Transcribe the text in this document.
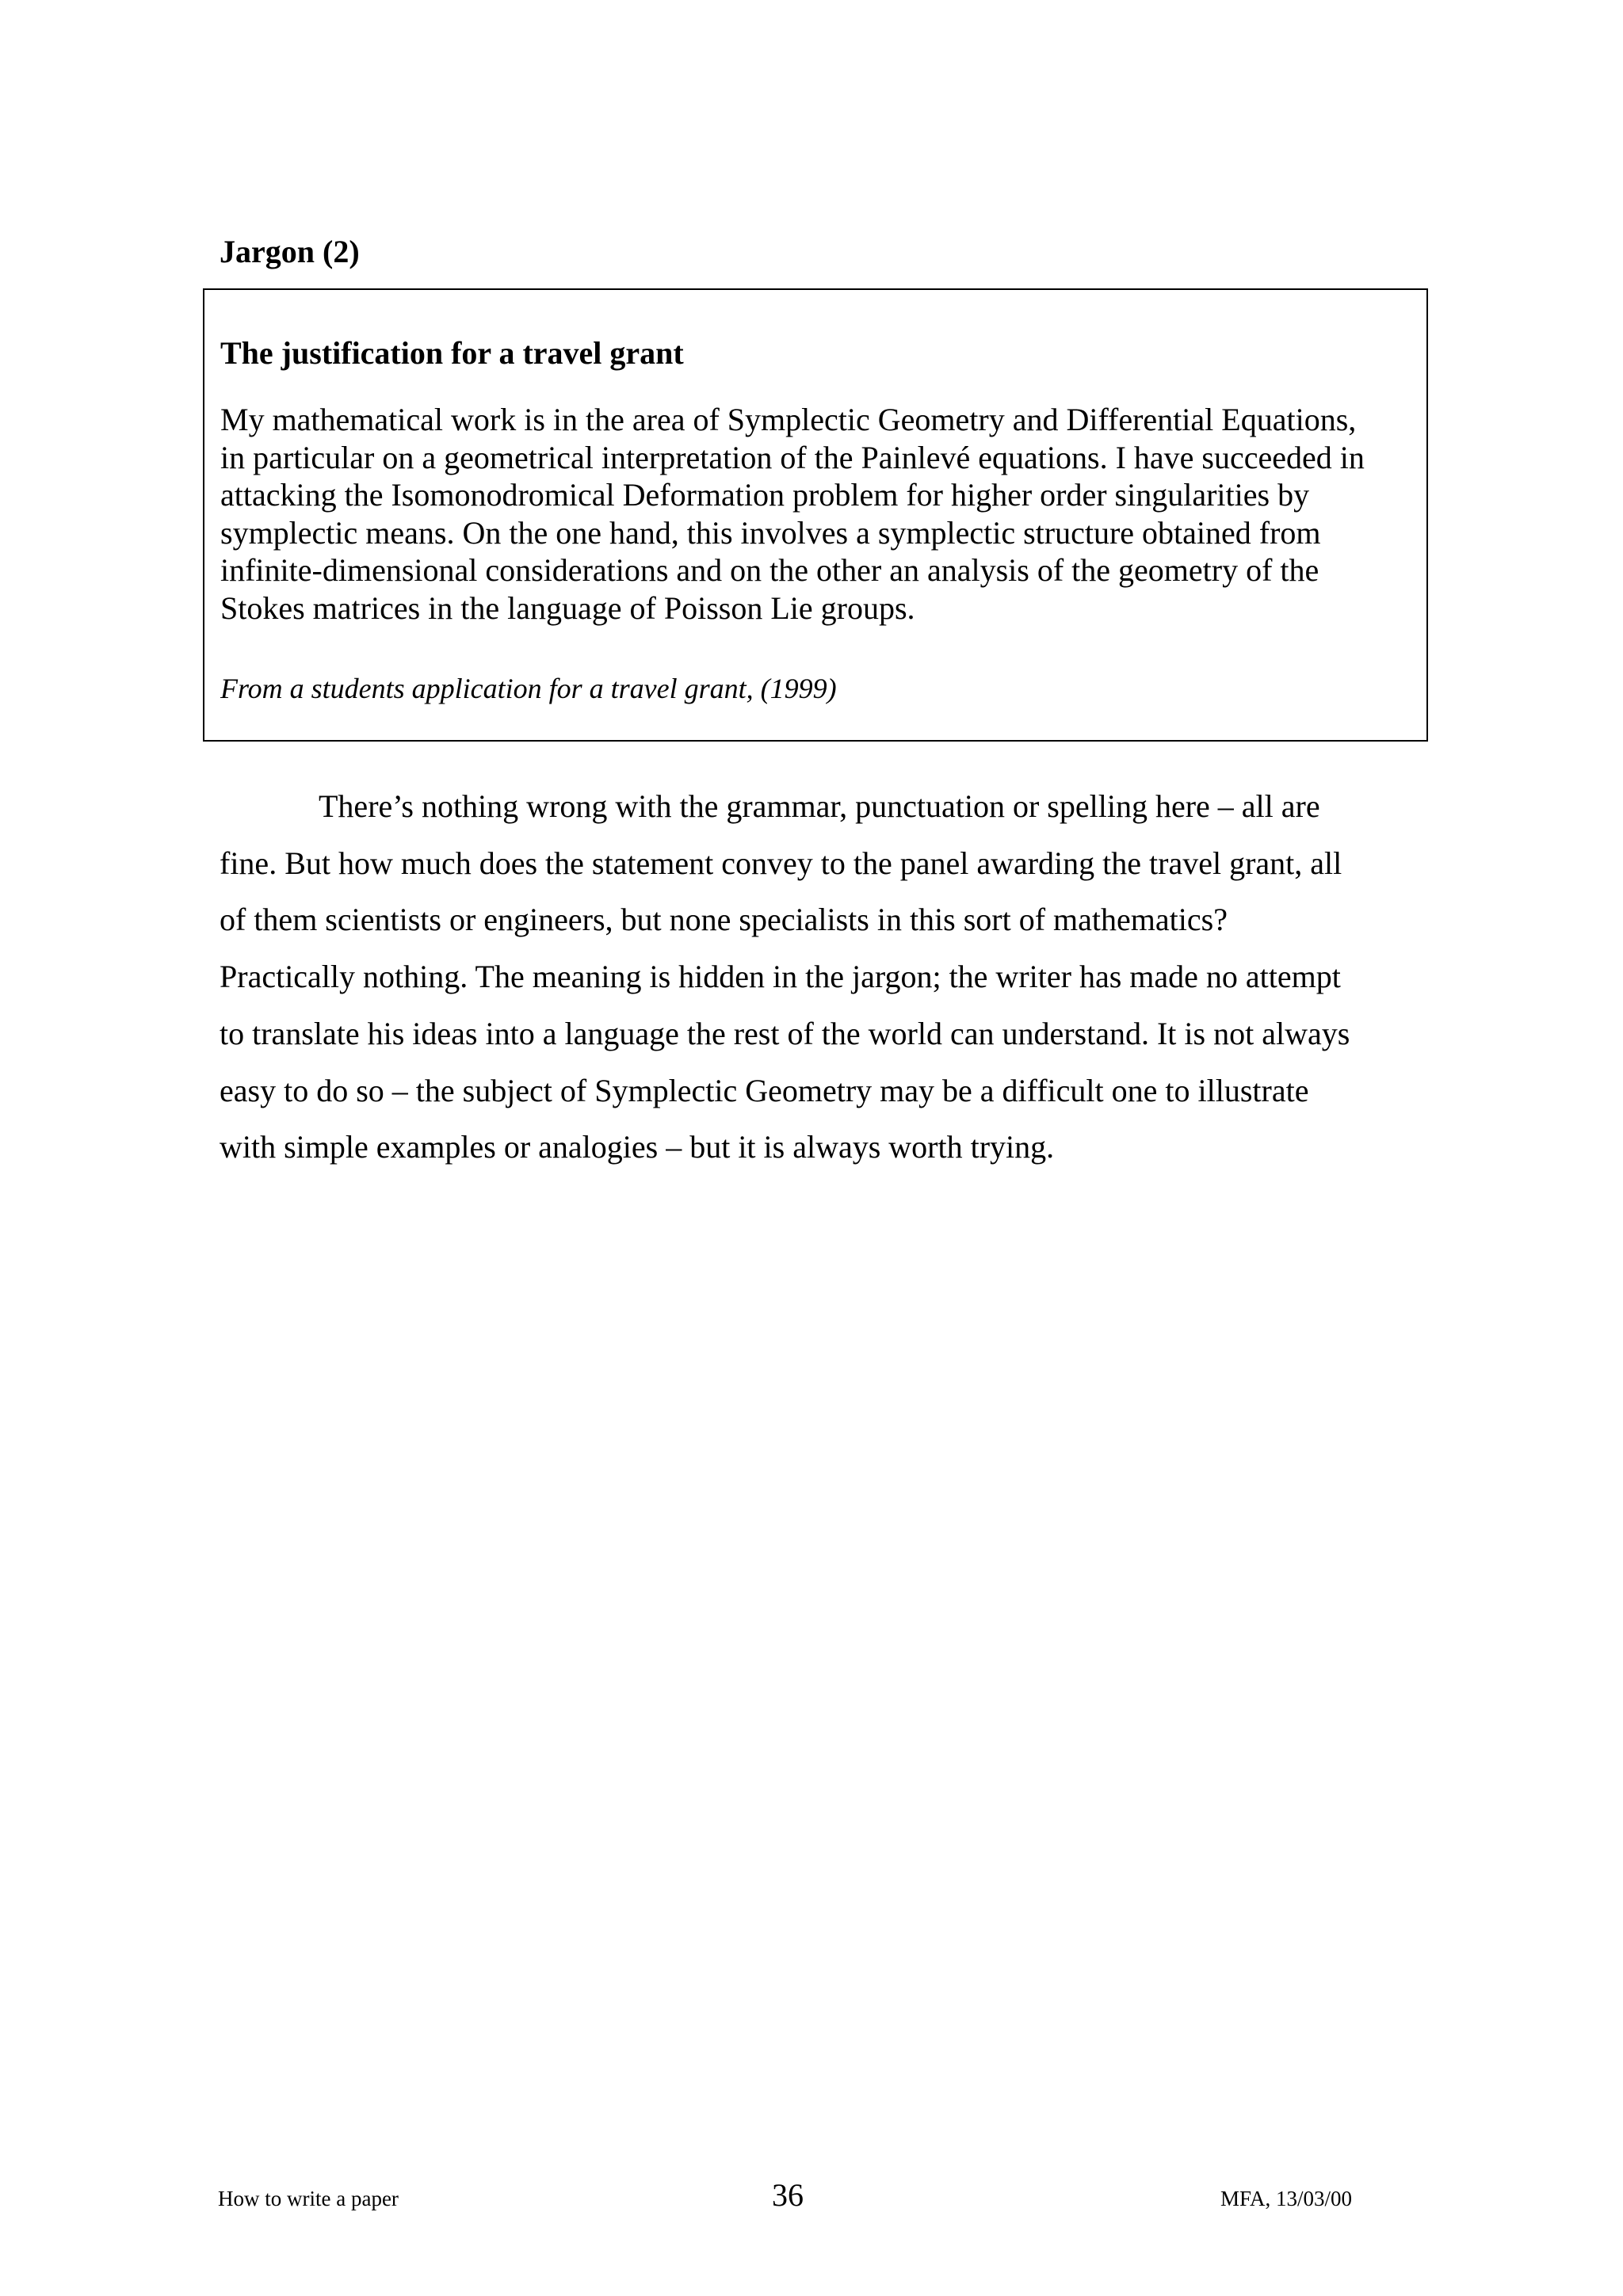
Jargon (2)
The justification for a travel grant

My mathematical work is in the area of Symplectic Geometry and Differential Equations,
in particular on a geometrical interpretation of the Painlevé equations. I have succeeded in
attacking the Isomonodromical Deformation problem for higher order singularities by
symplectic means. On the one hand, this involves a symplectic structure obtained from
infinite-dimensional considerations and on the other an analysis of the geometry of the
Stokes matrices in the language of Poisson Lie groups.

From a students application for a travel grant, (1999)

There’s nothing wrong with the grammar, punctuation or spelling here – all are
fine. But how much does the statement convey to the panel awarding the travel grant, all
of them scientists or engineers, but none specialists in this sort of mathematics?
Practically nothing. The meaning is hidden in the jargon; the writer has made no attempt
to translate his ideas into a language the rest of the world can understand. It is not always
easy to do so – the subject of Symplectic Geometry may be a difficult one to illustrate
with simple examples or analogies – but it is always worth trying.

How to write a paper	36	MFA, 13/03/00
